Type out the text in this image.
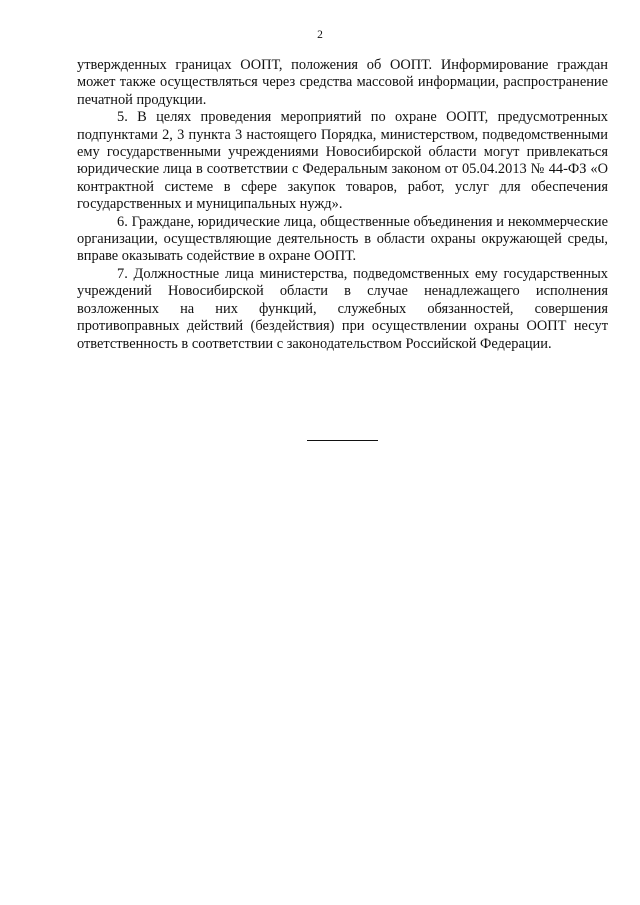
2

утвержденных границах ООПТ, положения об ООПТ. Информирование граждан может также осуществляться через средства массовой информации, распространение печатной продукции.

5. В целях проведения мероприятий по охране ООПТ, предусмотренных подпунктами 2, 3 пункта 3 настоящего Порядка, министерством, подведомственными ему государственными учреждениями Новосибирской области могут привлекаться юридические лица в соответствии с Федеральным законом от 05.04.2013 № 44-ФЗ «О контрактной системе в сфере закупок товаров, работ, услуг для обеспечения государственных и муниципальных нужд».

6. Граждане, юридические лица, общественные объединения и некоммерческие организации, осуществляющие деятельность в области охраны окружающей среды, вправе оказывать содействие в охране ООПТ.

7. Должностные лица министерства, подведомственных ему государственных учреждений Новосибирской области в случае ненадлежащего исполнения возложенных на них функций, служебных обязанностей, совершения противоправных действий (бездействия) при осуществлении охраны ООПТ несут ответственность в соответствии с законодательством Российской Федерации.
